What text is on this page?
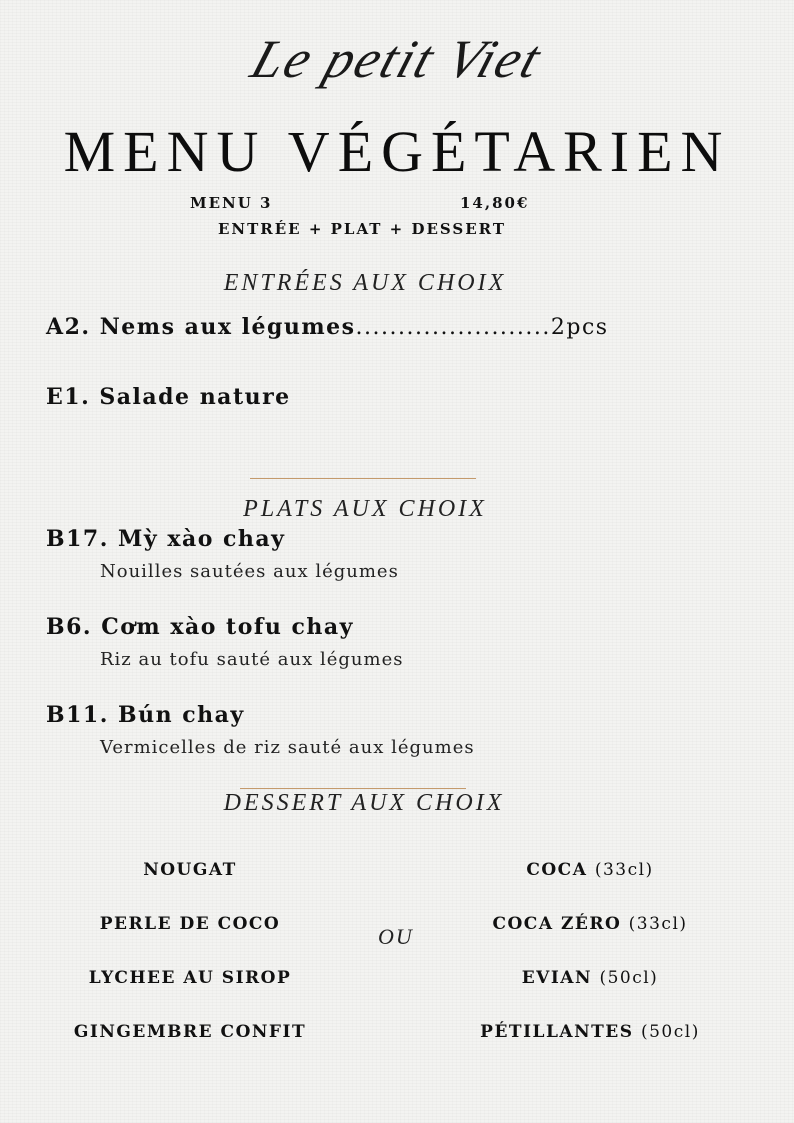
Le petit Viet
MENU VÉGÉTARIEN
MENU 3	14,80€
ENTRÉE + PLAT + DESSERT
ENTRÉES AUX CHOIX
A2. Nems aux légumes.......................2pcs
E1. Salade nature
PLATS AUX CHOIX
B17. Mỳ xào chay
Nouilles sautées aux légumes
B6. Cơm xào tofu chay
Riz au tofu sauté aux légumes
B11. Bún chay
Vermicelles de riz sauté aux légumes
DESSERT AUX CHOIX
NOUGAT
PERLE DE COCO
LYCHEE AU SIROP
GINGEMBRE CONFIT
OU
COCA (33cl)
COCA ZÉRO (33cl)
EVIAN (50cl)
PÉTILLANTES (50cl)
